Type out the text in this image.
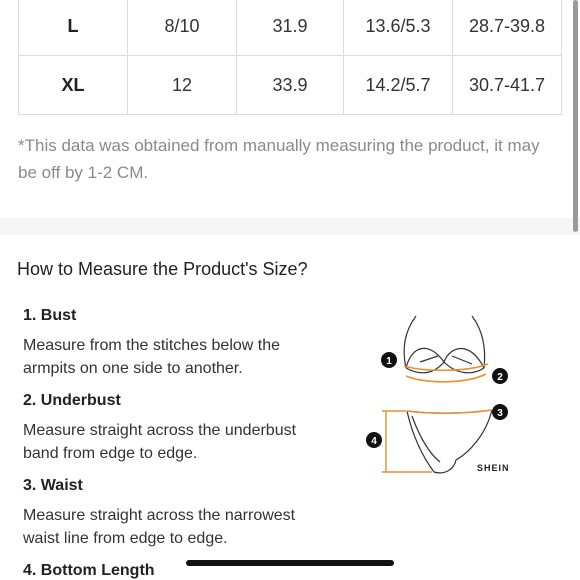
L	8/10	31.9	13.6/5.3	28.7-39.8
XL	12	33.9	14.2/5.7	30.7-41.7
*This data was obtained from manually measuring the product, it may be off by 1-2 CM.
How to Measure the Product's Size?
1. Bust
Measure from the stitches below the armpits on one side to another.
2. Underbust
Measure straight across the underbust band from edge to edge.
3. Waist
Measure straight across the narrowest waist line from edge to edge.
4. Bottom Length
1
2
3
4
SHEIN
